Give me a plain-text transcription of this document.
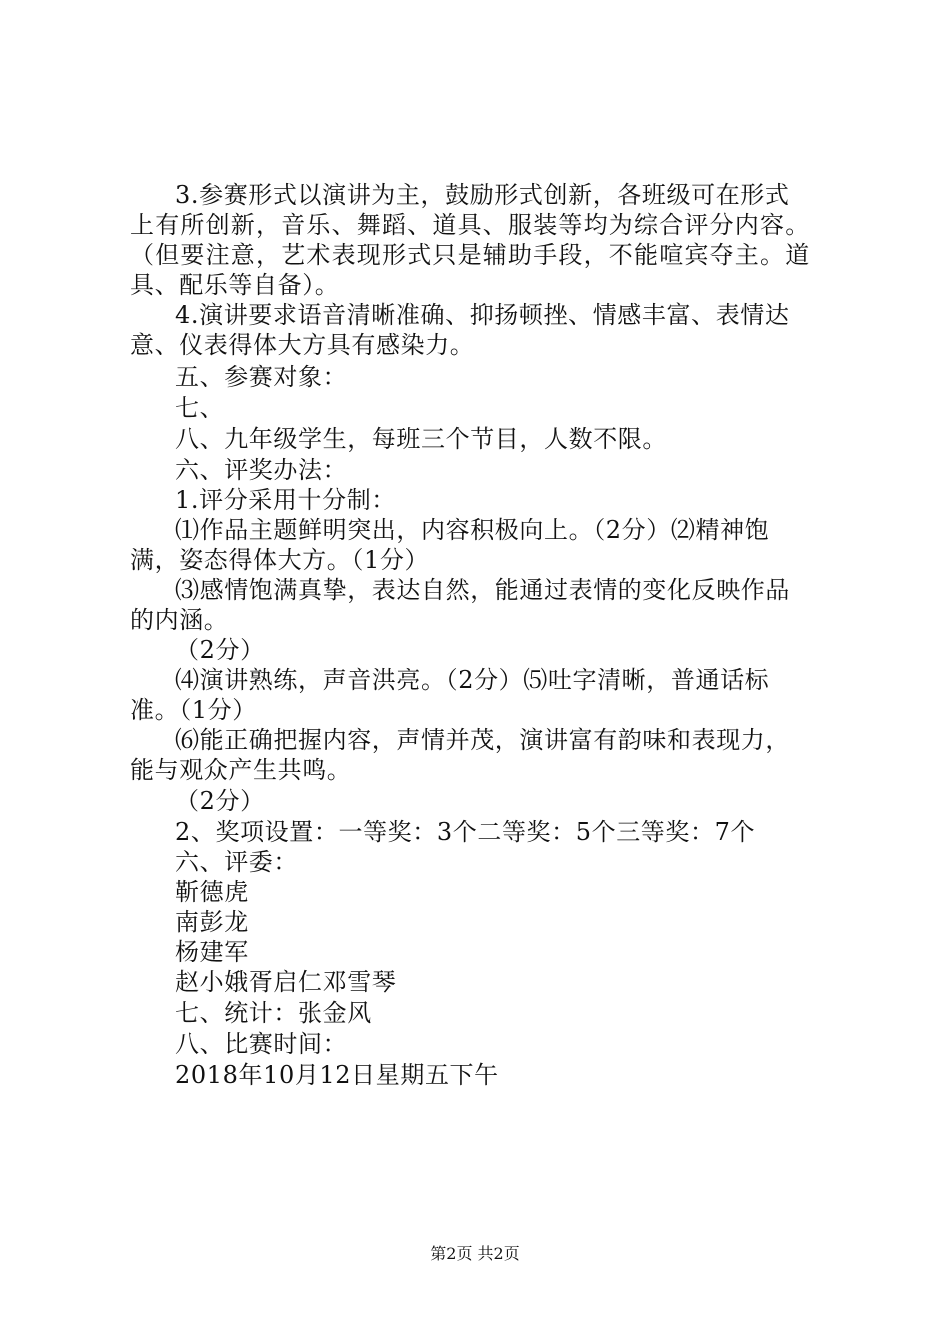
3.参赛形式以演讲为主，鼓励形式创新，各班级可在形式
上有所创新，音乐、舞蹈、道具、服装等均为综合评分内容。
（但要注意，艺术表现形式只是辅助手段，不能喧宾夺主。道
具、配乐等自备）。
4.演讲要求语音清晰准确、抑扬顿挫、情感丰富、表情达
意、仪表得体大方具有感染力。
五、参赛对象：
七、
八、九年级学生，每班三个节目，人数不限。
六、评奖办法：
1.评分采用十分制：
⑴作品主题鲜明突出，内容积极向上。（2分）⑵精神饱
满，姿态得体大方。（1分）
⑶感情饱满真挚，表达自然，能通过表情的变化反映作品
的内涵。
（2分）
⑷演讲熟练，声音洪亮。（2分）⑸吐字清晰，普通话标
准。（1分）
⑹能正确把握内容，声情并茂，演讲富有韵味和表现力，
能与观众产生共鸣。
（2分）
2、奖项设置：一等奖：3个二等奖：5个三等奖：7个
六、评委：
靳德虎
南彭龙
杨建军
赵小娥胥启仁邓雪琴
七、统计：张金风
八、比赛时间：
2018年10月12日星期五下午
第2页 共2页
